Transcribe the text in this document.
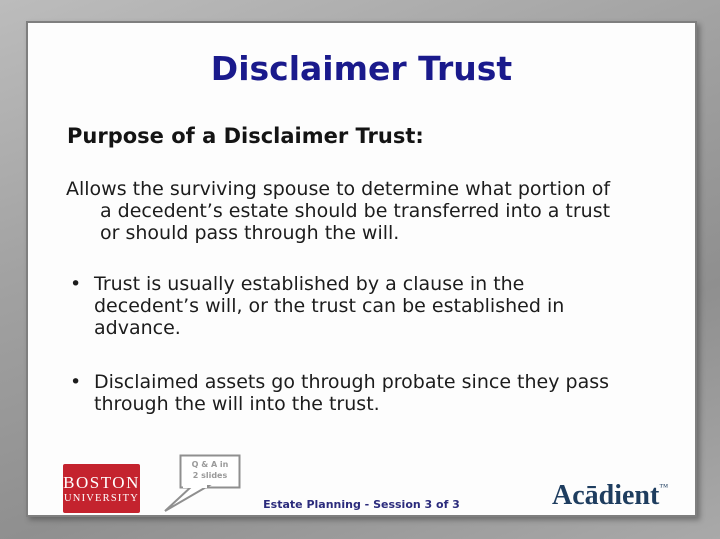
Disclaimer Trust
Purpose of a Disclaimer Trust:
Allows the surviving spouse to determine what portion of
a decedent’s estate should be transferred into a trust
or should pass through the will.
• Trust is usually established by a clause in the
decedent’s will, or the trust can be established in
advance.
• Disclaimed assets go through probate since they pass
through the will into the trust.
BOSTON
UNIVERSITY
Q & A in
2 slides
Estate Planning - Session 3 of 3	Acādient™
